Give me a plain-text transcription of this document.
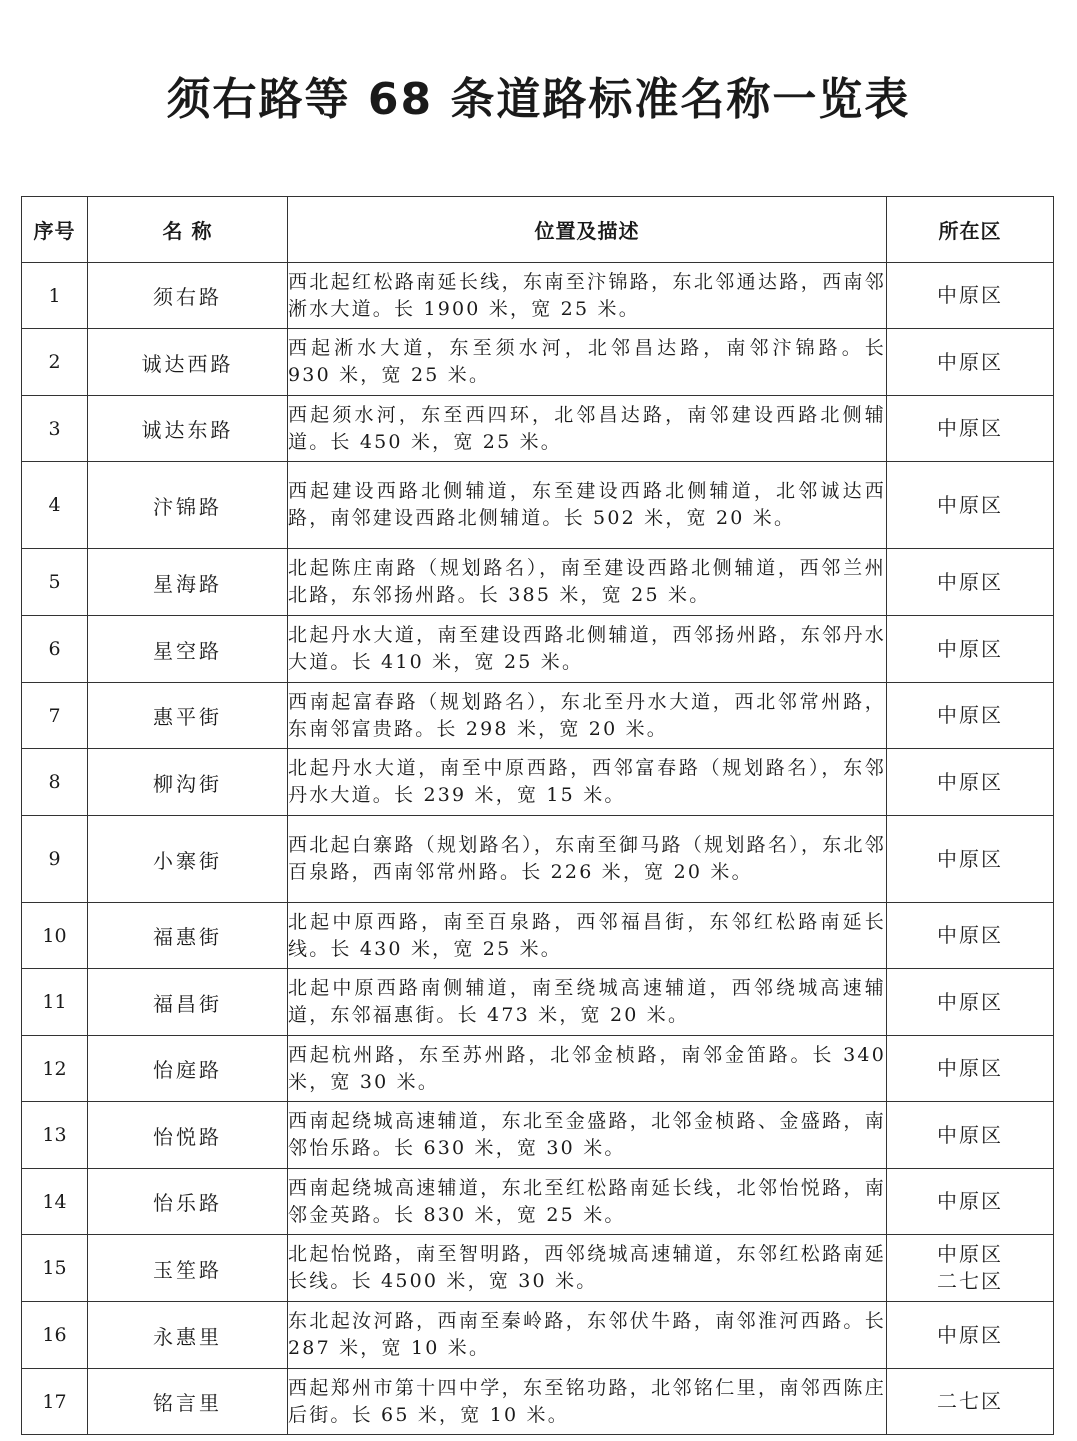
须右路等 68 条道路标准名称一览表
序号	名 称	位置及描述	所在区
1	须右路	西北起红松路南延长线，东南至汴锦路，东北邻通达路，西南邻淅水大道。长 1900 米，宽 25 米。	中原区

2	诚达西路	西起淅水大道，东至须水河，北邻昌达路，南邻汴锦路。长 930 米，宽 25 米。	中原区

3	诚达东路	西起须水河，东至西四环，北邻昌达路，南邻建设西路北侧辅道。长 450 米，宽 25 米。	中原区

4	汴锦路	西起建设西路北侧辅道，东至建设西路北侧辅道，北邻诚达西路，南邻建设西路北侧辅道。长 502 米，宽 20 米。	中原区

5	星海路	北起陈庄南路（规划路名），南至建设西路北侧辅道，西邻兰州北路，东邻扬州路。长 385 米，宽 25 米。	中原区

6	星空路	北起丹水大道，南至建设西路北侧辅道，西邻扬州路，东邻丹水大道。长 410 米，宽 25 米。	中原区

7	惠平街	西南起富春路（规划路名），东北至丹水大道，西北邻常州路，东南邻富贵路。长 298 米，宽 20 米。	中原区

8	柳沟街	北起丹水大道，南至中原西路，西邻富春路（规划路名），东邻丹水大道。长 239 米，宽 15 米。	中原区

9	小寨街	西北起白寨路（规划路名），东南至御马路（规划路名），东北邻百泉路，西南邻常州路。长 226 米，宽 20 米。	中原区

10	福惠街	北起中原西路，南至百泉路，西邻福昌街，东邻红松路南延长线。长 430 米，宽 25 米。	中原区

11	福昌街	北起中原西路南侧辅道，南至绕城高速辅道，西邻绕城高速辅道，东邻福惠街。长 473 米，宽 20 米。	中原区

12	怡庭路	西起杭州路，东至苏州路，北邻金桢路，南邻金笛路。长 340 米，宽 30 米。	中原区

13	怡悦路	西南起绕城高速辅道，东北至金盛路，北邻金桢路、金盛路，南邻怡乐路。长 630 米，宽 30 米。	中原区

14	怡乐路	西南起绕城高速辅道，东北至红松路南延长线，北邻怡悦路，南邻金英路。长 830 米，宽 25 米。	中原区

15	玉笙路	北起怡悦路，南至智明路，西邻绕城高速辅道，东邻红松路南延长线。长 4500 米，宽 30 米。	中原区
二七区

16	永惠里	东北起汝河路，西南至秦岭路，东邻伏牛路，南邻淮河西路。长 287 米，宽 10 米。	中原区

17	铭言里	西起郑州市第十四中学，东至铭功路，北邻铭仁里，南邻西陈庄后街。长 65 米，宽 10 米。	二七区
